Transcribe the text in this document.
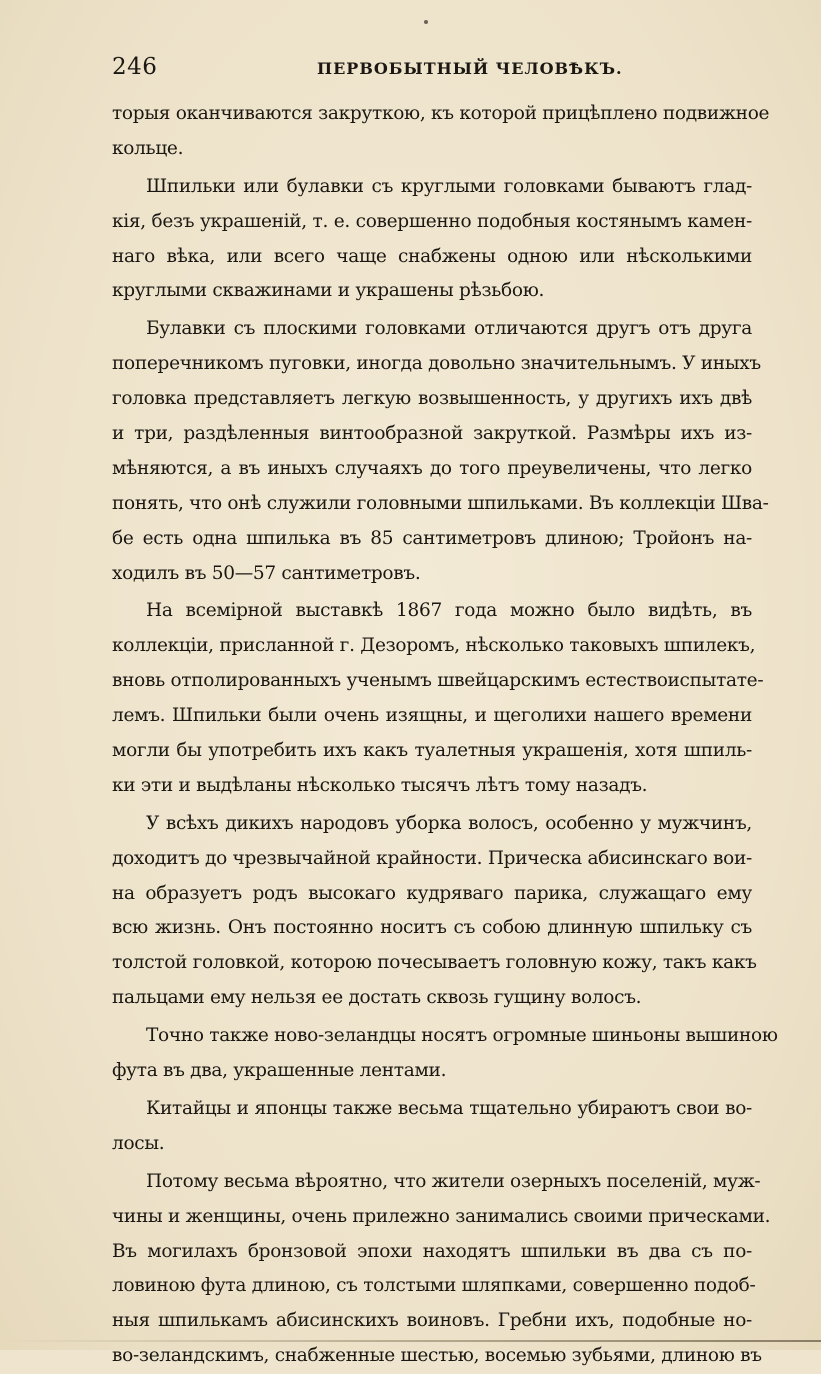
246	ПЕРВОБЫТНЫЙ ЧЕЛОВѢКЪ.
торыя оканчиваются закруткою, къ которой прицѣплено подвижное
кольце.
Шпильки или булавки съ круглыми головками бываютъ глад-
кія, безъ украшеній, т. е. совершенно подобныя костянымъ камен-
наго вѣка, или всего чаще снабжены одною или нѣсколькими
круглыми скважинами и украшены рѣзьбою.
Булавки съ плоскими головками отличаются другъ отъ друга
поперечникомъ пуговки, иногда довольно значительнымъ. У иныхъ
головка представляетъ легкую возвышенность, у другихъ ихъ двѣ
и три, раздѣленныя винтообразной закруткой. Размѣры ихъ из-
мѣняются, а въ иныхъ случаяхъ до того преувеличены, что легко
понять, что онѣ служили головными шпильками. Въ коллекціи Шва-
бе есть одна шпилька въ 85 сантиметровъ длиною; Тройонъ на-
ходилъ въ 50—57 сантиметровъ.
На всемірной выставкѣ 1867 года можно было видѣть, въ
коллекціи, присланной г. Дезоромъ, нѣсколько таковыхъ шпилекъ,
вновь отполированныхъ ученымъ швейцарскимъ естествоиспытате-
лемъ. Шпильки были очень изящны, и щеголихи нашего времени
могли бы употребить ихъ какъ туалетныя украшенія, хотя шпиль-
ки эти и выдѣланы нѣсколько тысячъ лѣтъ тому назадъ.
У всѣхъ дикихъ народовъ уборка волосъ, особенно у мужчинъ,
доходитъ до чрезвычайной крайности. Прическа абисинскаго вои-
на образуетъ родъ высокаго кудряваго парика, служащаго ему
всю жизнь. Онъ постоянно носитъ съ собою длинную шпильку съ
толстой головкой, которою почесываетъ головную кожу, такъ какъ
пальцами ему нельзя ее достать сквозь гущину волосъ.
Точно также ново-зеландцы носятъ огромные шиньоны вышиною
фута въ два, украшенные лентами.
Китайцы и японцы также весьма тщательно убираютъ свои во-
лосы.
Потому весьма вѣроятно, что жители озерныхъ поселеній, муж-
чины и женщины, очень прилежно занимались своими прическами.
Въ могилахъ бронзовой эпохи находятъ шпильки въ два съ по-
ловиною фута длиною, съ толстыми шляпками, совершенно подоб-
ныя шпилькамъ абисинскихъ воиновъ. Гребни ихъ, подобные но-
во-зеландскимъ, снабженные шестью, восемью зубьями, длиною въ
